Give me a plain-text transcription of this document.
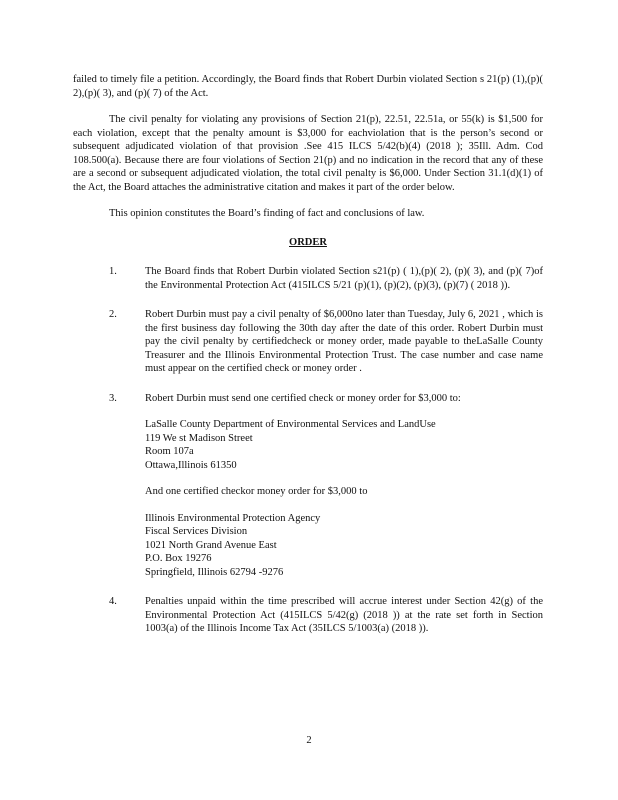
failed to timely file a petition. Accordingly, the Board finds that Robert Durbin violated Section s 21(p) (1),(p)( 2),(p)( 3), and (p)( 7) of the Act.

The civil penalty for violating any provisions of Section 21(p), 22.51, 22.51a, or 55(k) is $1,500 for each violation, except that the penalty amount is $3,000 for eachviolation that is the person’s second or subsequent adjudicated violation of that provision .See 415 ILCS 5/42(b)(4) (2018 ); 35Ill. Adm. Cod 108.500(a). Because there are four violations of Section 21(p) and no indication in the record that any of these are a second or subsequent adjudicated violation, the total civil penalty is $6,000. Under Section 31.1(d)(1) of the Act, the Board attaches the administrative citation and makes it part of the order below.

This opinion constitutes the Board’s finding of fact and conclusions of law.

ORDER

1.	The Board finds that Robert Durbin violated Section s21(p) ( 1),(p)( 2), (p)( 3), and (p)( 7)of the Environmental Protection Act (415ILCS 5/21 (p)(1), (p)(2), (p)(3), (p)(7) ( 2018 )).

2.	Robert Durbin must pay a civil penalty of $6,000no later than Tuesday, July 6, 2021 , which is the first business day following the 30th day after the date of this order. Robert Durbin must pay the civil penalty by certifiedcheck or money order, made payable to theLaSalle County Treasurer and the Illinois Environmental Protection Trust. The case number and case name must appear on the certified check or money order .

3.	Robert Durbin must send one certified check or money order for $3,000 to:

LaSalle County Department of Environmental Services and LandUse
119 We st Madison Street
Room 107a
Ottawa,Illinois 61350

And one certified checkor money order for $3,000 to

Illinois Environmental Protection Agency
Fiscal Services Division
1021 North Grand Avenue East
P.O. Box 19276
Springfield, Illinois 62794 -9276
4.	Penalties unpaid within the time prescribed will accrue interest under Section 42(g) of the Environmental Protection Act (415ILCS 5/42(g) (2018 )) at the rate set forth in Section 1003(a) of the Illinois Income Tax Act (35ILCS 5/1003(a) (2018 )).

2
